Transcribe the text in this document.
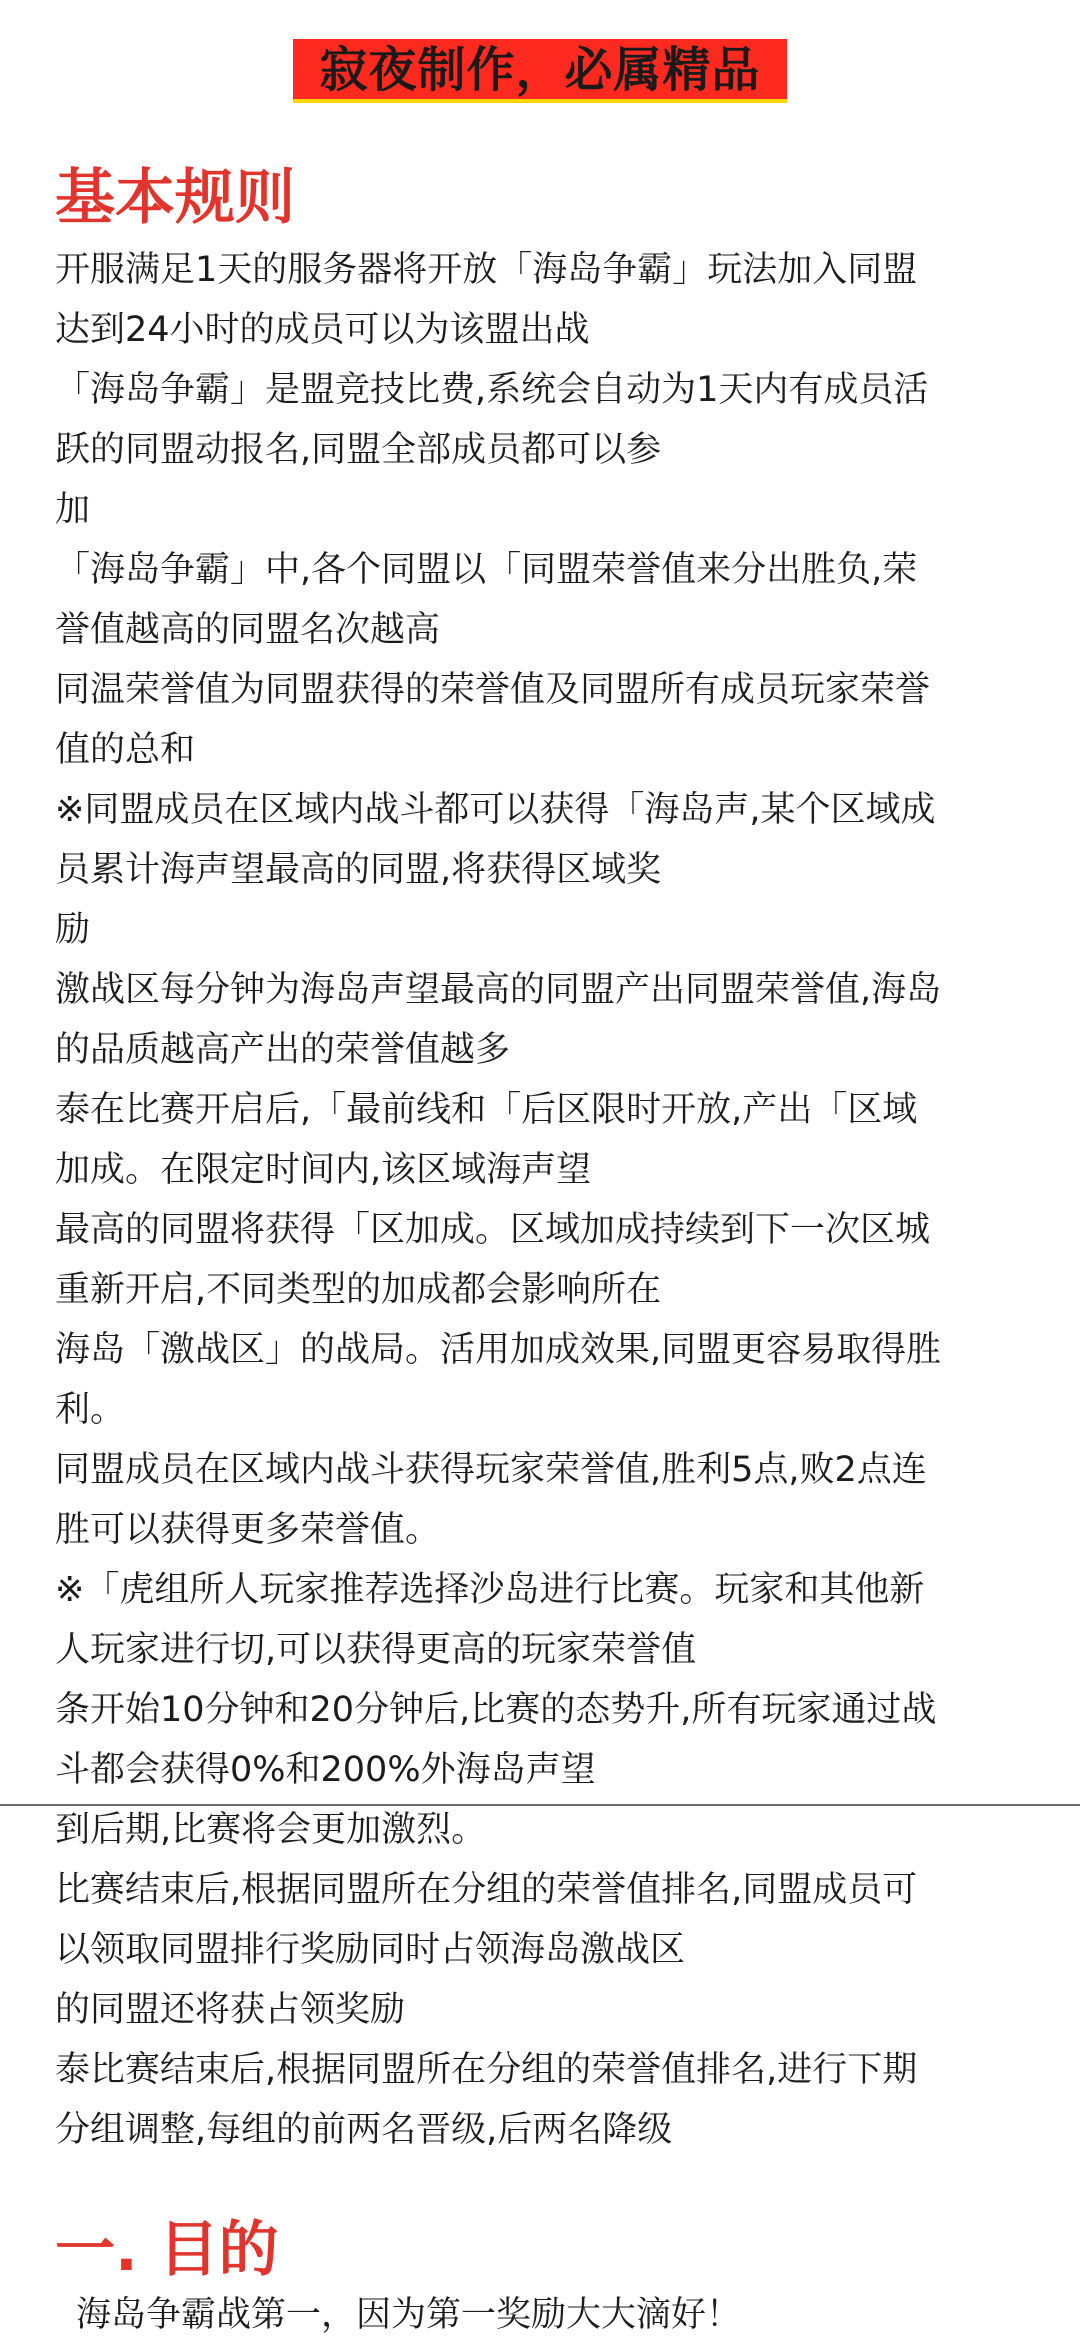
寂夜制作，必属精品
基本规则
开服满足1天的服务器将开放「海岛争霸」玩法加入同盟
达到24小时的成员可以为该盟出战
「海岛争霸」是盟竞技比费,系统会自动为1天内有成员活
跃的同盟动报名,同盟全部成员都可以参
加
「海岛争霸」中,各个同盟以「同盟荣誉值来分出胜负,荣
誉值越高的同盟名次越高
同温荣誉值为同盟获得的荣誉值及同盟所有成员玩家荣誉
值的总和
※同盟成员在区域内战斗都可以获得「海岛声,某个区域成
员累计海声望最高的同盟,将获得区域奖
励
激战区每分钟为海岛声望最高的同盟产出同盟荣誉值,海岛
的品质越高产出的荣誉值越多
泰在比赛开启后,「最前线和「后区限时开放,产出「区域
加成。在限定时间内,该区域海声望
最高的同盟将获得「区加成。区域加成持续到下一次区城
重新开启,不同类型的加成都会影响所在
海岛「激战区」的战局。活用加成效果,同盟更容易取得胜
利。
同盟成员在区域内战斗获得玩家荣誉值,胜利5点,败2点连
胜可以获得更多荣誉值。
※「虎组所人玩家推荐选择沙岛进行比赛。玩家和其他新
人玩家进行切,可以获得更高的玩家荣誉值
条开始10分钟和20分钟后,比赛的态势升,所有玩家通过战
斗都会获得0%和200%外海岛声望
到后期,比赛将会更加激烈。
比赛结束后,根据同盟所在分组的荣誉值排名,同盟成员可
以领取同盟排行奖励同时占领海岛激战区
的同盟还将获占领奖励
泰比赛结束后,根据同盟所在分组的荣誉值排名,进行下期
分组调整,每组的前两名晋级,后两名降级
一. 目的
海岛争霸战第一，因为第一奖励大大滴好！
